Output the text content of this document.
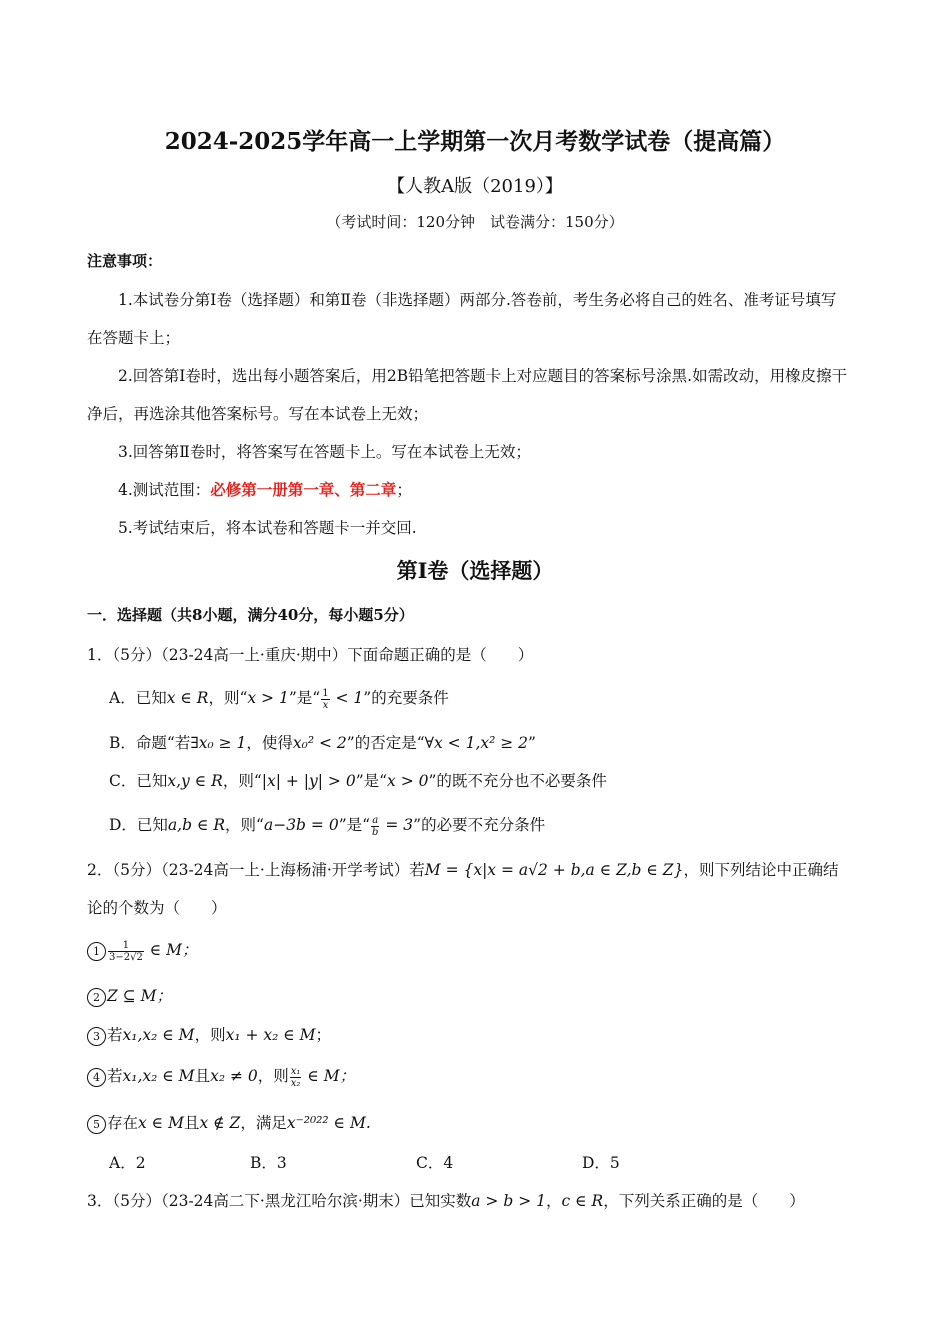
2024-2025学年高一上学期第一次月考数学试卷（提高篇）
【人教A版（2019）】
（考试时间：120分钟　试卷满分：150分）
注意事项：
1.本试卷分第Ⅰ卷（选择题）和第Ⅱ卷（非选择题）两部分.答卷前，考生务必将自己的姓名、准考证号填写
在答题卡上；
2.回答第Ⅰ卷时，选出每小题答案后，用2B铅笔把答题卡上对应题目的答案标号涂黑.如需改动，用橡皮擦干
净后，再选涂其他答案标号。写在本试卷上无效；
3.回答第Ⅱ卷时，将答案写在答题卡上。写在本试卷上无效；
4.测试范围：必修第一册第一章、第二章；
5.考试结束后，将本试卷和答题卡一并交回.
第Ⅰ卷（选择题）
一．选择题（共8小题，满分40分，每小题5分）
1．（5分）（23-24高一上·重庆·期中）下面命题正确的是（　　）
A．已知x ∈ R，则“x > 1”是“ $\frac{1}{x} < 1$”的充要条件
B．命题“若∃x₀ ≥ 1，使得x₀² < 2”的否定是“∀x < 1,x² ≥ 2”
C．已知x,y ∈ R，则“|x| + |y| > 0”是“x > 0”的既不充分也不必要条件
D．已知a,b ∈ R，则“a−3b = 0”是“ $\frac{a}{b} = 3$”的必要不充分条件
2．（5分）（23-24高一上·上海杨浦·开学考试）若M = {x|x = a√2 + b,a ∈ Z,b ∈ Z}，则下列结论中正确结
论的个数为（　　）
$1 \frac{1}{3-2√2}$ ∈ M；
2 Z ⊆ M；
3 若x₁,x₂ ∈ M，则x₁ + x₂ ∈ M；
4 若x₁,x₂ ∈ M且x₂ ≠ 0，则 $\frac{\text{x₁}}{\text{x₂}}$ ∈ M；
5 存在x ∈ M且x ∉ Z，满足x⁻²⁰²² ∈ M.
A．2	B．3	C．4	D．5
3．（5分）（23-24高二下·黑龙江哈尔滨·期末）已知实数a > b > 1，c ∈ R，下列关系正确的是（　　）
